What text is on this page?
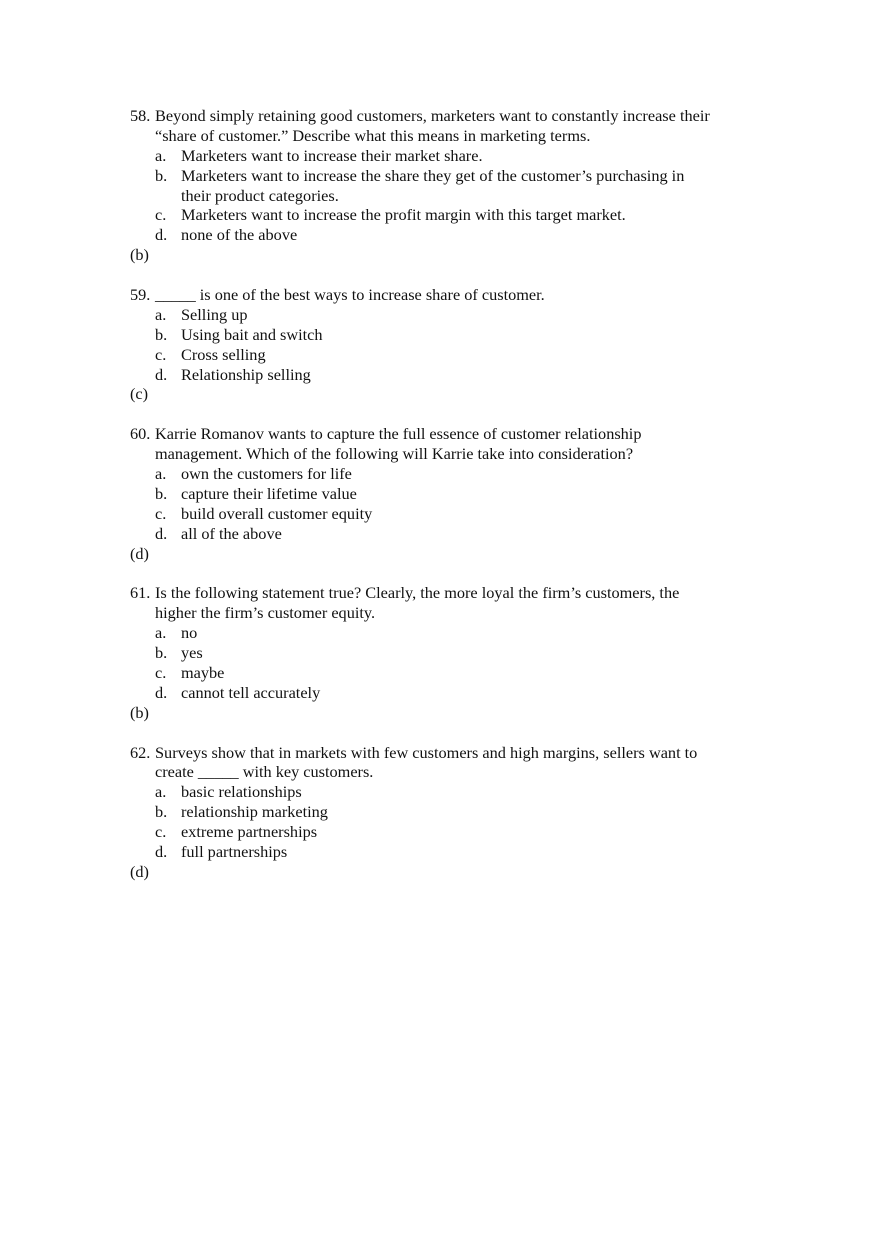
58. Beyond simply retaining good customers, marketers want to constantly increase their
“share of customer.” Describe what this means in marketing terms.
a. Marketers want to increase their market share.
b. Marketers want to increase the share they get of the customer’s purchasing in
their product categories.
c. Marketers want to increase the profit margin with this target market.
d. none of the above
(b)
59. _____ is one of the best ways to increase share of customer.
a. Selling up
b. Using bait and switch
c. Cross selling
d. Relationship selling
(c)
60. Karrie Romanov wants to capture the full essence of customer relationship
management. Which of the following will Karrie take into consideration?
a. own the customers for life
b. capture their lifetime value
c. build overall customer equity
d. all of the above
(d)
61. Is the following statement true? Clearly, the more loyal the firm’s customers, the
higher the firm’s customer equity.
a. no
b. yes
c. maybe
d. cannot tell accurately
(b)
62. Surveys show that in markets with few customers and high margins, sellers want to
create _____ with key customers.
a. basic relationships
b. relationship marketing
c. extreme partnerships
d. full partnerships
(d)
